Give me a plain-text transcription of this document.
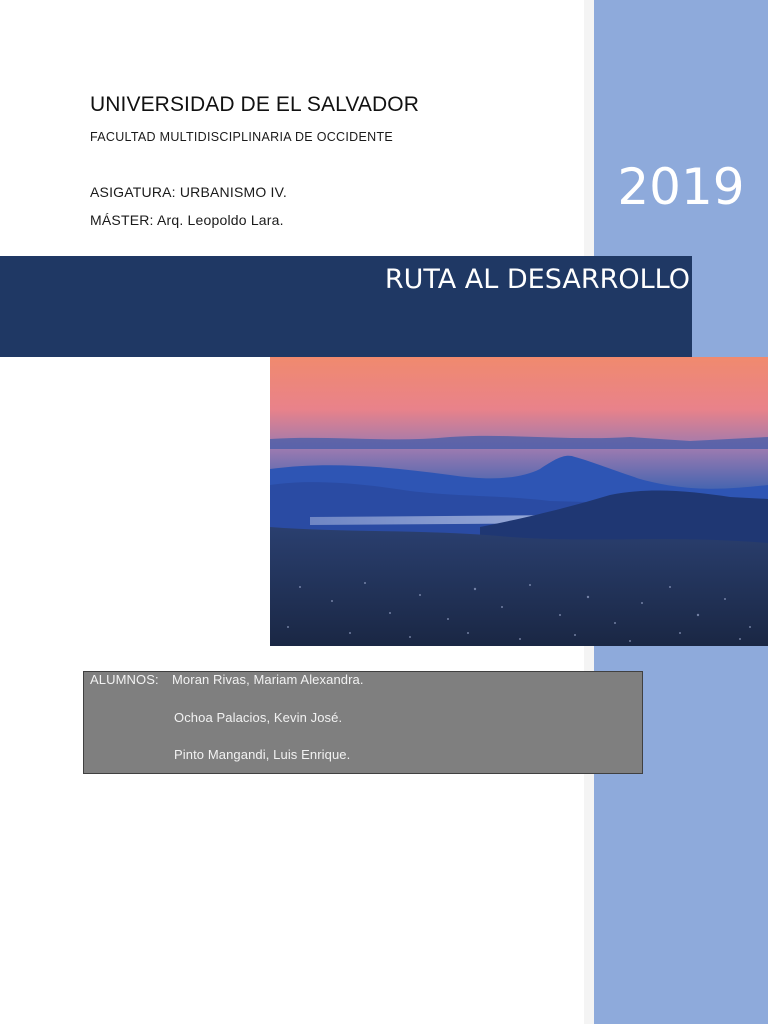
UNIVERSIDAD DE EL SALVADOR
FACULTAD MULTIDISCIPLINARIA DE OCCIDENTE
ASIGATURA: URBANISMO IV.
MÁSTER: Arq. Leopoldo Lara.
2019
RUTA AL DESARROLLO
ALUMNOS: Moran Rivas, Mariam Alexandra.
Ochoa Palacios, Kevin José.
Pinto Mangandi, Luis Enrique.
